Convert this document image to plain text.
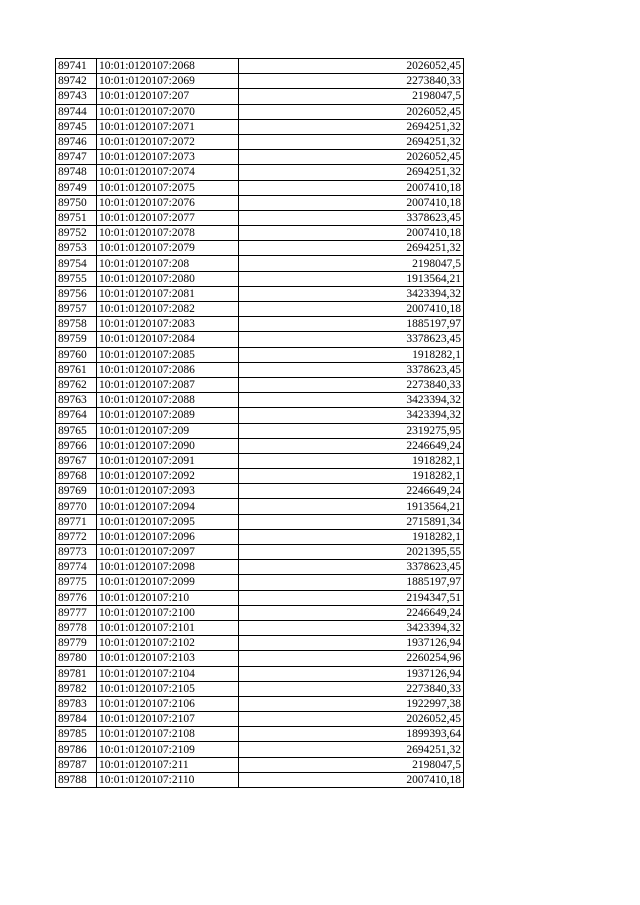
89741	10:01:0120107:2068	2026052,45
89742	10:01:0120107:2069	2273840,33
89743	10:01:0120107:207	2198047,5
89744	10:01:0120107:2070	2026052,45
89745	10:01:0120107:2071	2694251,32
89746	10:01:0120107:2072	2694251,32
89747	10:01:0120107:2073	2026052,45
89748	10:01:0120107:2074	2694251,32
89749	10:01:0120107:2075	2007410,18
89750	10:01:0120107:2076	2007410,18
89751	10:01:0120107:2077	3378623,45
89752	10:01:0120107:2078	2007410,18
89753	10:01:0120107:2079	2694251,32
89754	10:01:0120107:208	2198047,5
89755	10:01:0120107:2080	1913564,21
89756	10:01:0120107:2081	3423394,32
89757	10:01:0120107:2082	2007410,18
89758	10:01:0120107:2083	1885197,97
89759	10:01:0120107:2084	3378623,45
89760	10:01:0120107:2085	1918282,1
89761	10:01:0120107:2086	3378623,45
89762	10:01:0120107:2087	2273840,33
89763	10:01:0120107:2088	3423394,32
89764	10:01:0120107:2089	3423394,32
89765	10:01:0120107:209	2319275,95
89766	10:01:0120107:2090	2246649,24
89767	10:01:0120107:2091	1918282,1
89768	10:01:0120107:2092	1918282,1
89769	10:01:0120107:2093	2246649,24
89770	10:01:0120107:2094	1913564,21
89771	10:01:0120107:2095	2715891,34
89772	10:01:0120107:2096	1918282,1
89773	10:01:0120107:2097	2021395,55
89774	10:01:0120107:2098	3378623,45
89775	10:01:0120107:2099	1885197,97
89776	10:01:0120107:210	2194347,51
89777	10:01:0120107:2100	2246649,24
89778	10:01:0120107:2101	3423394,32
89779	10:01:0120107:2102	1937126,94
89780	10:01:0120107:2103	2260254,96
89781	10:01:0120107:2104	1937126,94
89782	10:01:0120107:2105	2273840,33
89783	10:01:0120107:2106	1922997,38
89784	10:01:0120107:2107	2026052,45
89785	10:01:0120107:2108	1899393,64
89786	10:01:0120107:2109	2694251,32
89787	10:01:0120107:211	2198047,5
89788	10:01:0120107:2110	2007410,18
